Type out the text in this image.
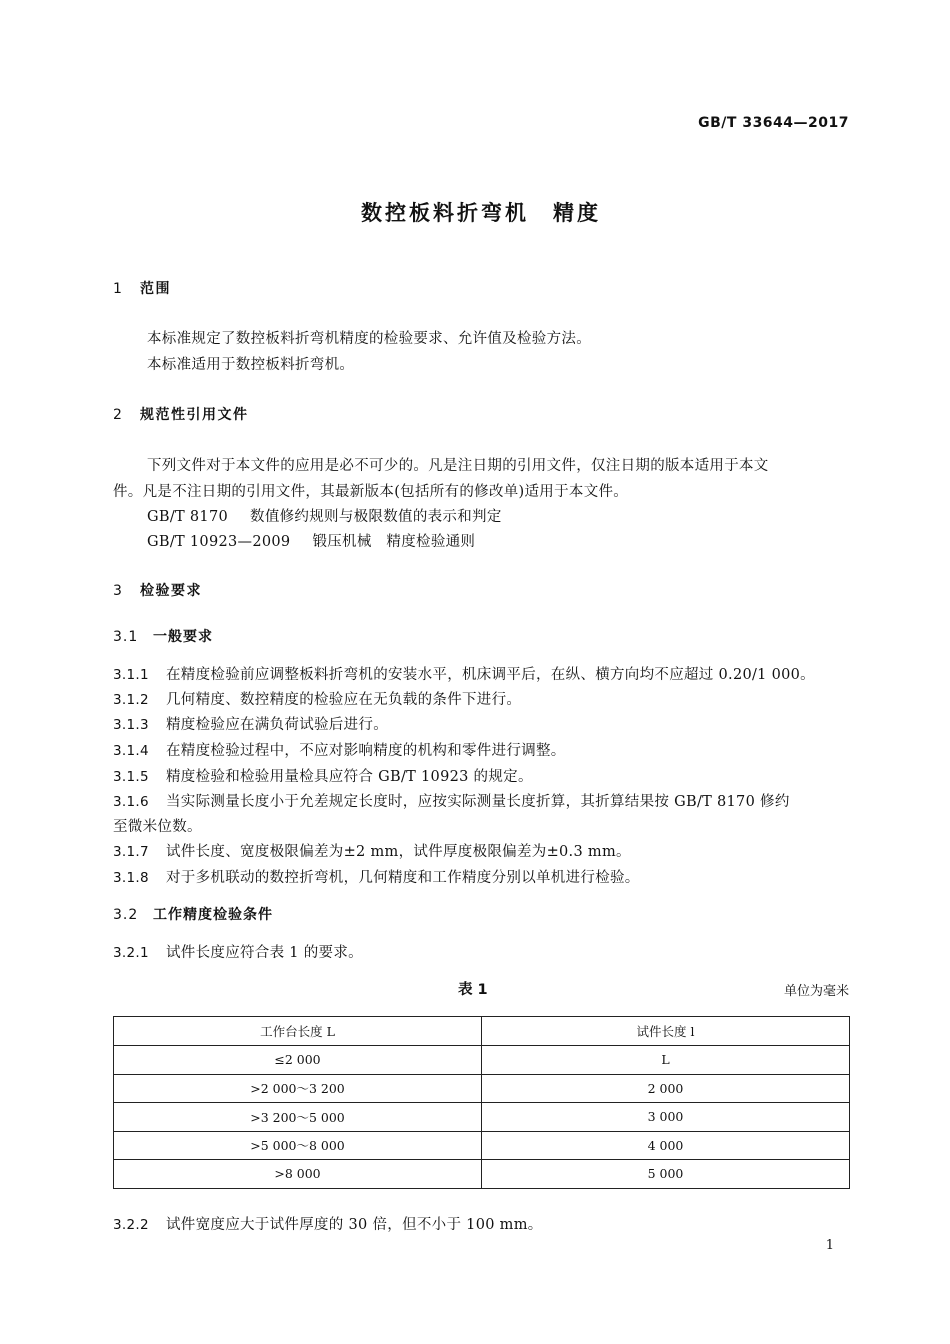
GB/T 33644—2017
数控板料折弯机　精度
1 范围
本标准规定了数控板料折弯机精度的检验要求、允许值及检验方法。
本标准适用于数控板料折弯机。
2 规范性引用文件
下列文件对于本文件的应用是必不可少的。凡是注日期的引用文件，仅注日期的版本适用于本文
件。凡是不注日期的引用文件，其最新版本(包括所有的修改单)适用于本文件。
GB/T 8170 数值修约规则与极限数值的表示和判定
GB/T 10923—2009 锻压机械　精度检验通则
3 检验要求
3.1 一般要求
3.1.1 在精度检验前应调整板料折弯机的安装水平，机床调平后，在纵、横方向均不应超过 0.20/1 000。
3.1.2 几何精度、数控精度的检验应在无负载的条件下进行。
3.1.3 精度检验应在满负荷试验后进行。
3.1.4 在精度检验过程中，不应对影响精度的机构和零件进行调整。
3.1.5 精度检验和检验用量检具应符合 GB/T 10923 的规定。
3.1.6 当实际测量长度小于允差规定长度时，应按实际测量长度折算，其折算结果按 GB/T 8170 修约
至微米位数。
3.1.7 试件长度、宽度极限偏差为±2 mm，试件厚度极限偏差为±0.3 mm。
3.1.8 对于多机联动的数控折弯机，几何精度和工作精度分别以单机进行检验。
3.2 工作精度检验条件
3.2.1 试件长度应符合表 1 的要求。
表 1	单位为毫米
工作台长度 L	试件长度 l
≤2 000	L
>2 000～3 200	2 000
>3 200～5 000	3 000
>5 000～8 000	4 000
>8 000	5 000
3.2.2 试件宽度应大于试件厚度的 30 倍，但不小于 100 mm。
1
